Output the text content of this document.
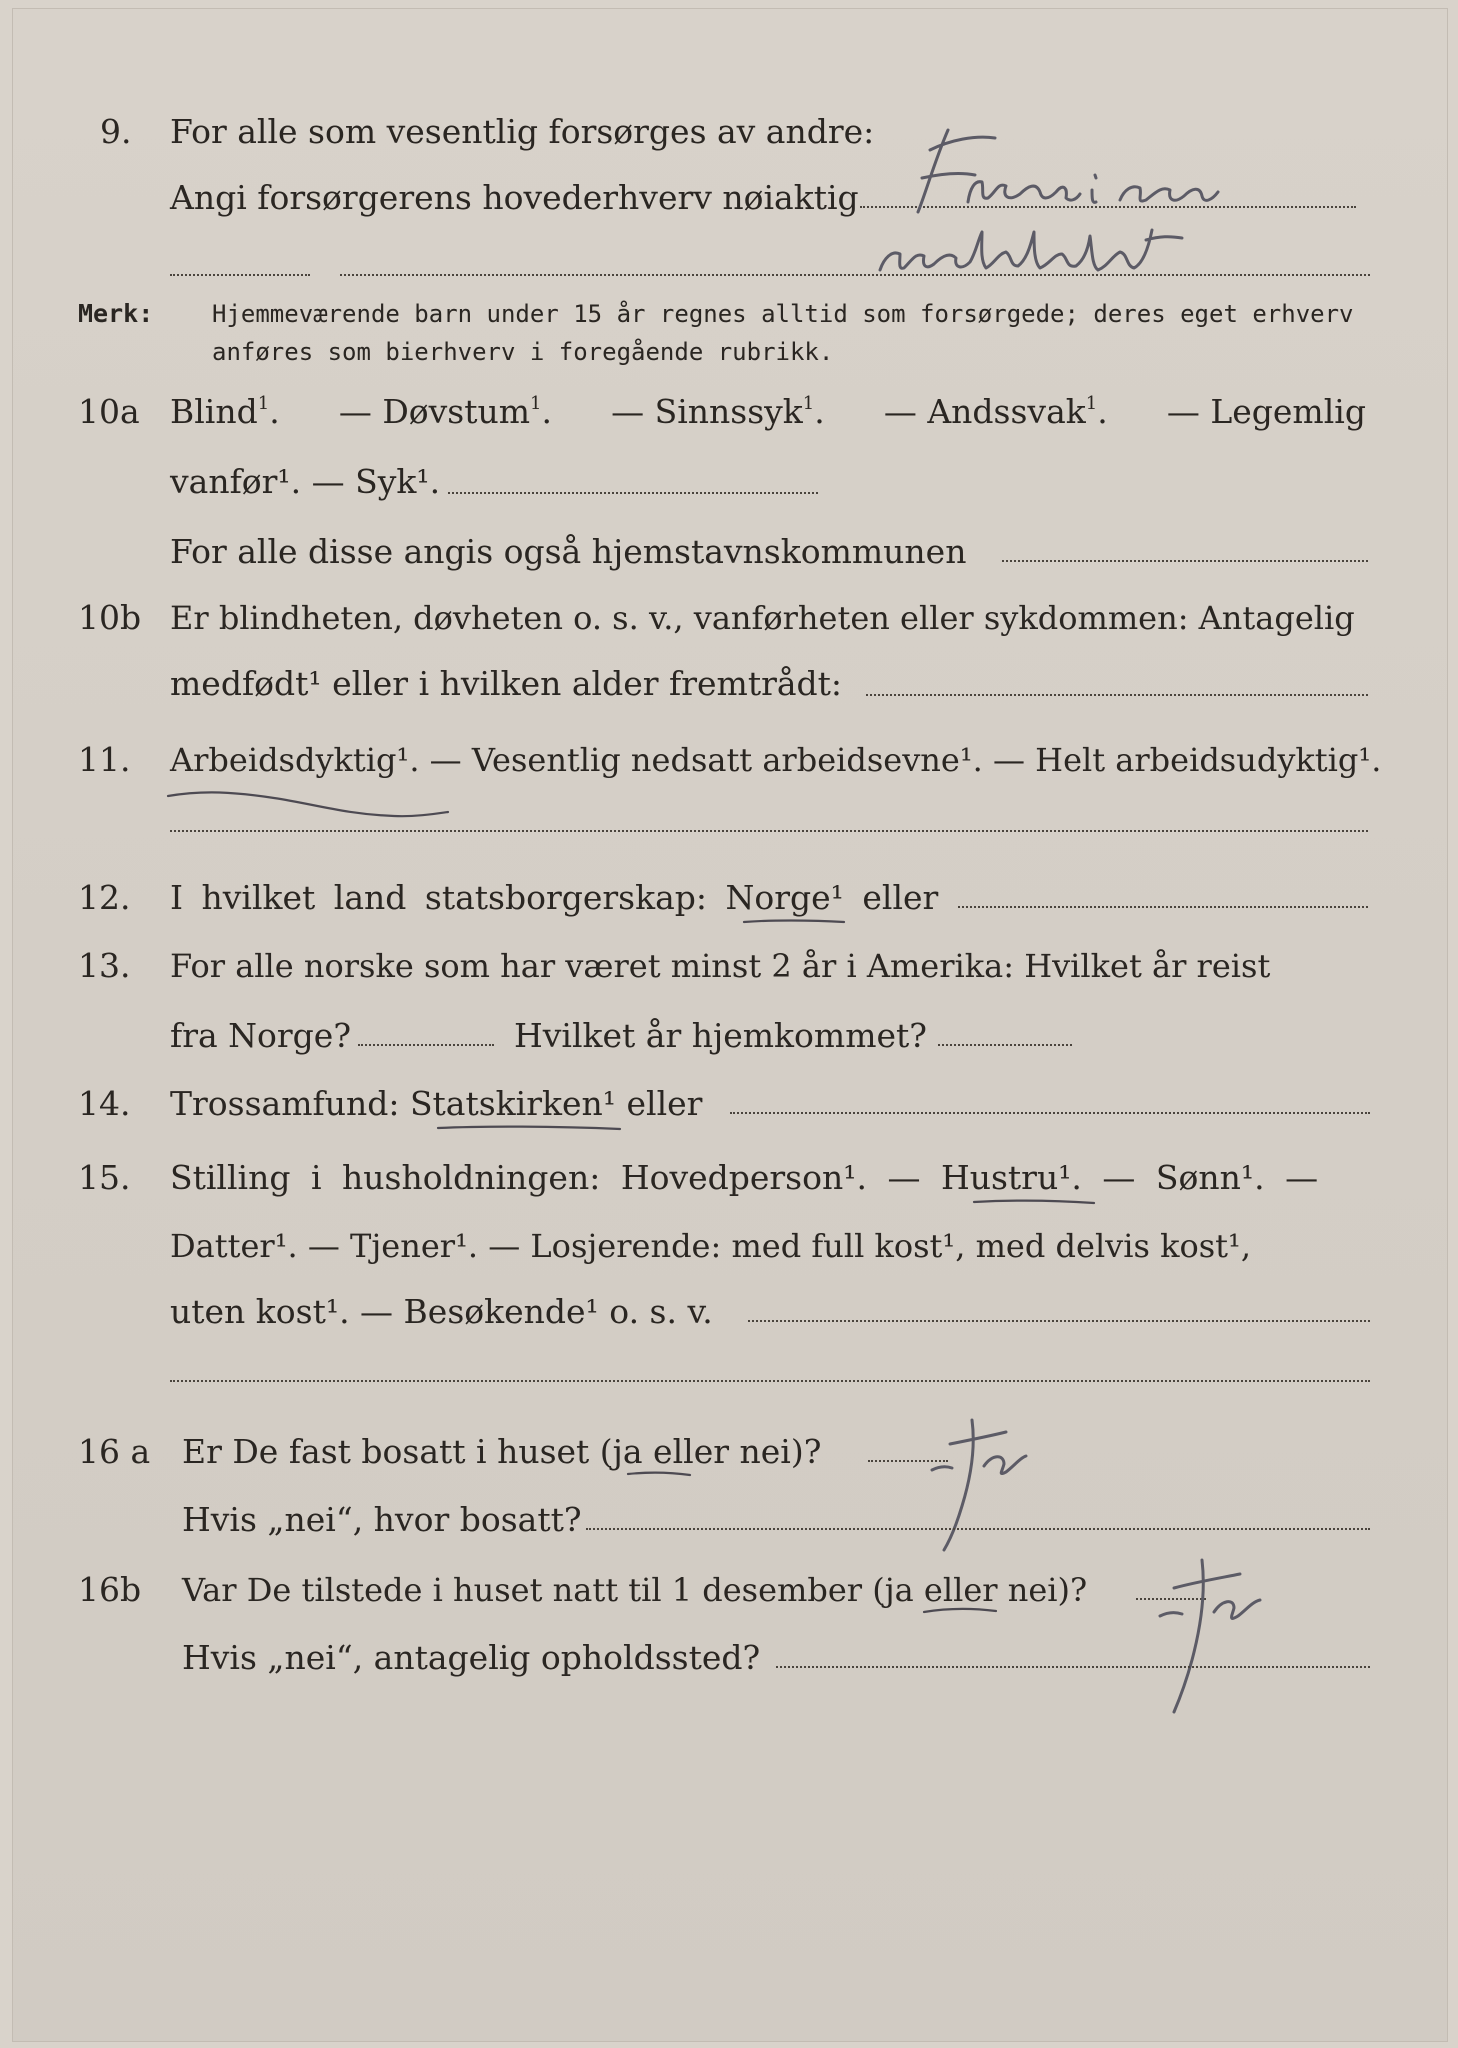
9. For alle som vesentlig forsørges av andre:
Angi forsørgerens hovederhverv nøiaktig
Merk: Hjemmeværende barn under 15 år regnes alltid som forsørgede; deres eget erhverv
anføres som bierhverv i foregående rubrikk.
10a Blind$^1$. — Døvstum$^1$. — Sinnssyk$^1$. — Andssvak$^1$. — Legemlig
vanfør¹. — Syk¹.
For alle disse angis også hjemstavnskommunen
10b Er blindheten, døvheten o. s. v., vanførheten eller sykdommen: Antagelig
medfødt¹ eller i hvilken alder fremtrådt:
11. Arbeidsdyktig¹. — Vesentlig nedsatt arbeidsevne¹. — Helt arbeidsudyktig¹.
12. I hvilket land statsborgerskap: Norge¹ eller
13. For alle norske som har været minst 2 år i Amerika: Hvilket år reist
fra Norge?	Hvilket år hjemkommet?
14. Trossamfund: Statskirken¹ eller
15. Stilling i husholdningen: Hovedperson¹. — Hustru¹. — Sønn¹. —
Datter¹. — Tjener¹. — Losjerende: med full kost¹, med delvis kost¹,
uten kost¹. — Besøkende¹ o. s. v.
16 a Er De fast bosatt i huset (ja eller nei)?
Hvis „nei“, hvor bosatt?
16b Var De tilstede i huset natt til 1 desember (ja eller nei)?
Hvis „nei“, antagelig opholdssted?
